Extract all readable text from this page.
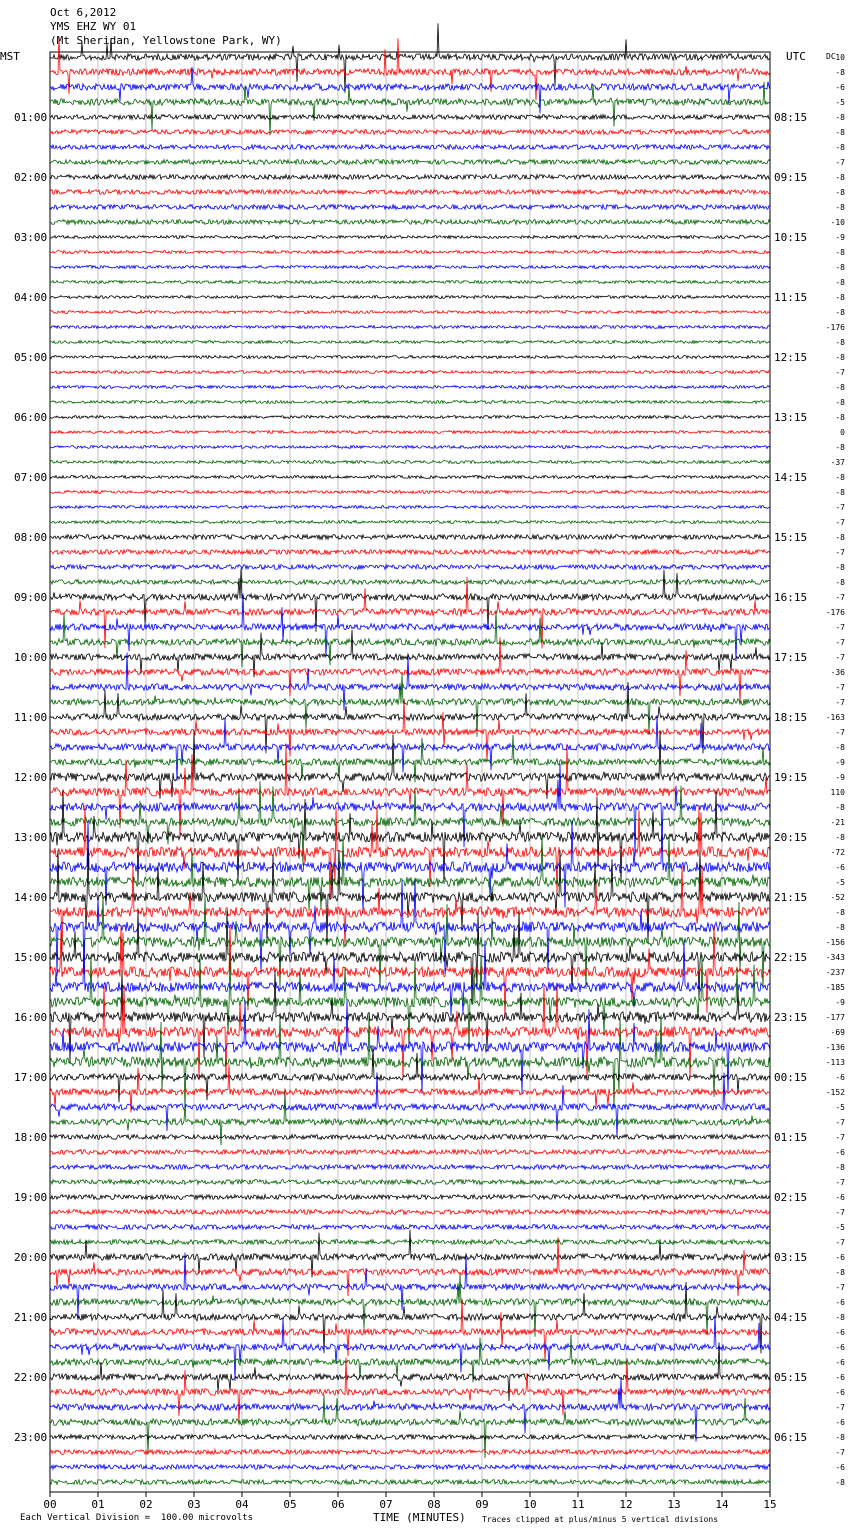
01:00
02:00
03:00
04:00
05:00
06:00
07:00
08:00
09:00
10:00
11:00
12:00
13:00
14:00
15:00
16:00
17:00
18:00
19:00
20:00
21:00
22:00
23:00
08:15
09:15
10:15
11:15
12:15
13:15
14:15
15:15
16:15
17:15
18:15
19:15
20:15
21:15
22:15
23:15
00:15
01:15
02:15
03:15
04:15
05:15
06:15
00	01	02	03	04	05	06	07	08	09	10	11	12	13	14	15
DC 10
-8
-6
-5
-8
-8
-8
-7
-8
-8
-8
-10
-9
-8
-8
-8
-8
-8
-176
-8
-8
-7
-8
-8
-8
0
-8
-37
-8
-8
-7
-7
-8
-7
-8
-8
-7
-176
-7
-7
-7
-36
-7
-7
-163
-7
-8
-9
-9
110
-8
-21
-8
-72
-6
-5
-52
-8
-8
-156
-343
-237
-185
-9
-177
-69
-136
-113
-6
-152
-5
-7
-7
-6
-8
-7
-6
-7
-5
-7
-6
-8
-7
-6
-8
-6
-6
-6
-6
-6
-7
-6
-8
-7
-6
-8
Oct 6,2012
YMS EHZ WY 01
(Mt Sheridan, Yellowstone Park, WY)
MST	UTC
TIME (MINUTES)
Each Vertical Division =  100.00 microvolts	Traces clipped at plus/minus 5 vertical divisions
